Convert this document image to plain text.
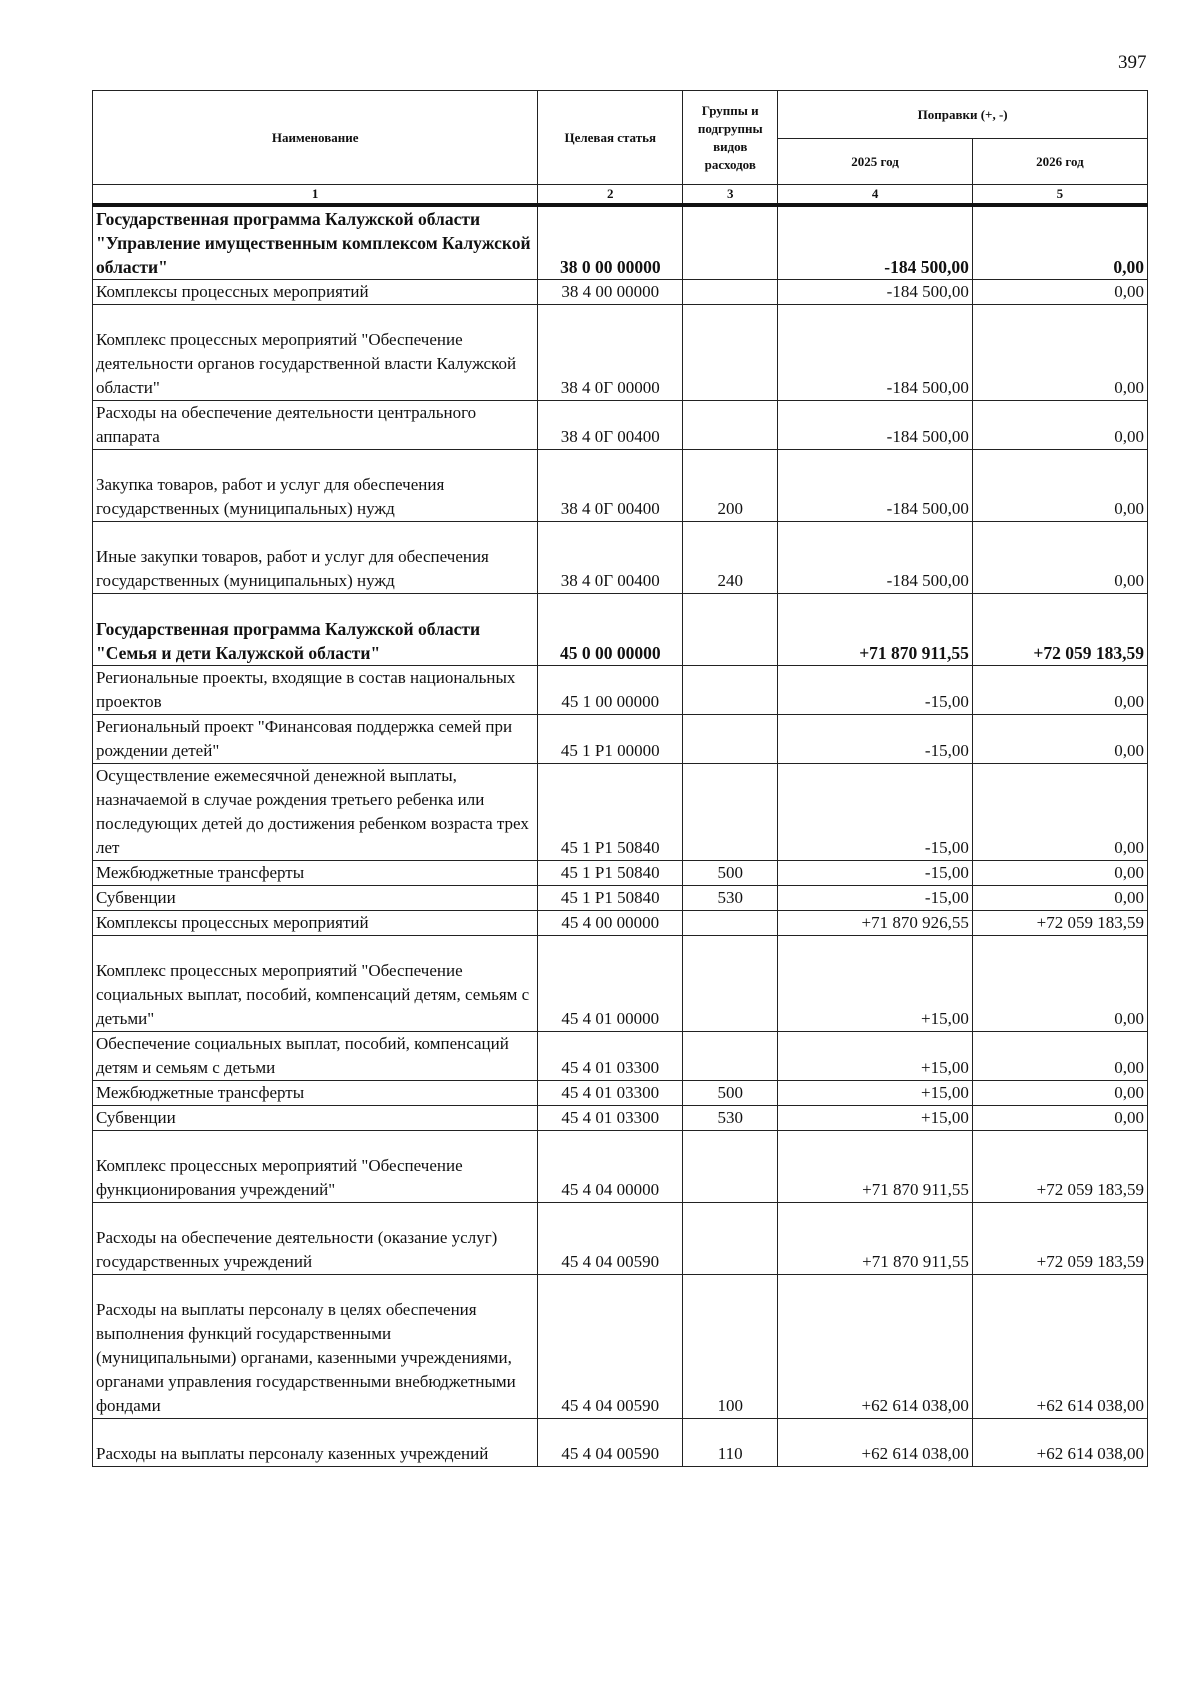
397
Наименование	Целевая статья	Группы и подгрупны видов расходов	Поправки (+, -)	
			2025 год	2026 год
1	2	3	4	5
Государственная программа Калужской области "Управление имущественным комплексом Калужской области"	38 0 00 00000		-184 500,00	0,00
Комплексы процессных мероприятий	38 4 00 00000		-184 500,00	0,00
Комплекс процессных мероприятий "Обеспечение деятельности органов государственной власти Калужской области"	38 4 0Г 00000		-184 500,00	0,00
Расходы на обеспечение деятельности центрального аппарата	38 4 0Г 00400		-184 500,00	0,00
Закупка товаров, работ и услуг для обеспечения государственных (муниципальных) нужд	38 4 0Г 00400	200	-184 500,00	0,00
Иные закупки товаров, работ и услуг для обеспечения государственных (муниципальных) нужд	38 4 0Г 00400	240	-184 500,00	0,00
Государственная программа Калужской области "Семья и дети Калужской области"	45 0 00 00000		+71 870 911,55	+72 059 183,59
Региональные проекты, входящие в состав национальных проектов	45 1 00 00000		-15,00	0,00
Региональный проект "Финансовая поддержка семей при рождении детей"	45 1 Р1 00000		-15,00	0,00
Осуществление ежемесячной денежной выплаты, назначаемой в случае рождения третьего ребенка или последующих детей до достижения ребенком возраста трех лет	45 1 Р1 50840		-15,00	0,00
Межбюджетные трансферты	45 1 Р1 50840	500	-15,00	0,00
Субвенции	45 1 Р1 50840	530	-15,00	0,00
Комплексы процессных мероприятий	45 4 00 00000		+71 870 926,55	+72 059 183,59
Комплекс процессных мероприятий "Обеспечение социальных выплат, пособий, компенсаций детям, семьям с детьми"	45 4 01 00000		+15,00	0,00
Обеспечение социальных выплат, пособий, компенсаций детям и семьям с детьми	45 4 01 03300		+15,00	0,00
Межбюджетные трансферты	45 4 01 03300	500	+15,00	0,00
Субвенции	45 4 01 03300	530	+15,00	0,00
Комплекс процессных мероприятий "Обеспечение функционирования учреждений"	45 4 04 00000		+71 870 911,55	+72 059 183,59
Расходы на обеспечение деятельности (оказание услуг) государственных учреждений	45 4 04 00590		+71 870 911,55	+72 059 183,59
Расходы на выплаты персоналу в целях обеспечения выполнения функций государственными (муниципальными) органами, казенными учреждениями, органами управления государственными внебюджетными фондами	45 4 04 00590	100	+62 614 038,00	+62 614 038,00
Расходы на выплаты персоналу казенных учреждений	45 4 04 00590	110	+62 614 038,00	+62 614 038,00
